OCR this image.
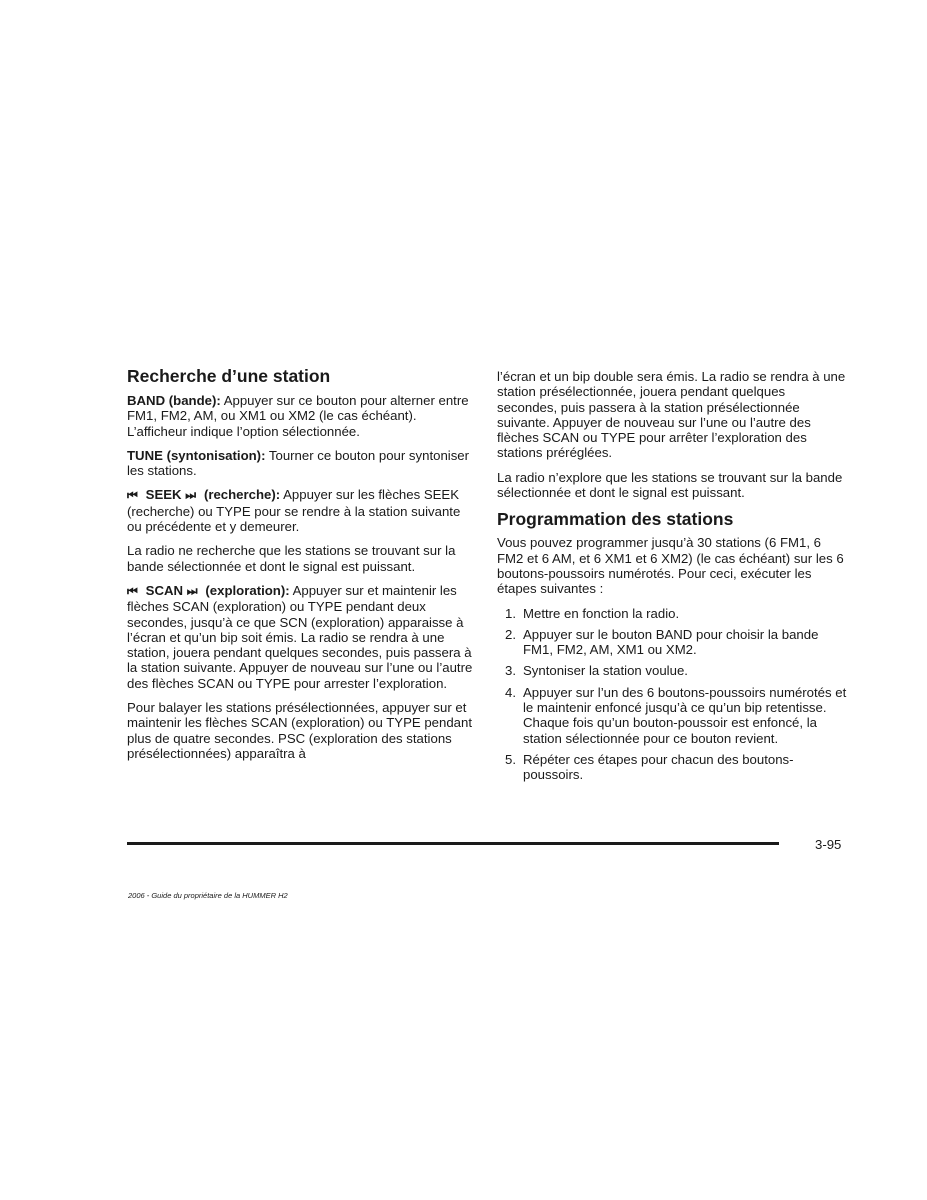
Recherche d’une station

BAND (bande): Appuyer sur ce bouton pour alterner entre FM1, FM2, AM, ou XM1 ou XM2 (le cas échéant). L’afficheur indique l’option sélectionnée.

TUNE (syntonisation): Tourner ce bouton pour syntoniser les stations.

⏮ SEEK ⏭ (recherche): Appuyer sur les flèches SEEK (recherche) ou TYPE pour se rendre à la station suivante ou précédente et y demeurer.

La radio ne recherche que les stations se trouvant sur la bande sélectionnée et dont le signal est puissant.

⏮ SCAN ⏭ (exploration): Appuyer sur et maintenir les flèches SCAN (exploration) ou TYPE pendant deux secondes, jusqu’à ce que SCN (exploration) apparaisse à l’écran et qu’un bip soit émis. La radio se rendra à une station, jouera pendant quelques secondes, puis passera à la station suivante. Appuyer de nouveau sur l’une ou l’autre des flèches SCAN ou TYPE pour arrester l’exploration.

Pour balayer les stations présélectionnées, appuyer sur et maintenir les flèches SCAN (exploration) ou TYPE pendant plus de quatre secondes. PSC (exploration des stations présélectionnées) apparaîtra à

l’écran et un bip double sera émis. La radio se rendra à une station présélectionnée, jouera pendant quelques secondes, puis passera à la station présélectionnée suivante. Appuyer de nouveau sur l’une ou l’autre des flèches SCAN ou TYPE pour arrêter l’exploration des stations préréglées.

La radio n’explore que les stations se trouvant sur la bande sélectionnée et dont le signal est puissant.

Programmation des stations

Vous pouvez programmer jusqu’à 30 stations (6 FM1, 6 FM2 et 6 AM, et 6 XM1 et 6 XM2) (le cas échéant) sur les 6 boutons-poussoirs numérotés. Pour ceci, exécuter les étapes suivantes :

1. Mettre en fonction la radio.
2. Appuyer sur le bouton BAND pour choisir la bande FM1, FM2, AM, XM1 ou XM2.
3. Syntoniser la station voulue.
4. Appuyer sur l’un des 6 boutons-poussoirs numérotés et le maintenir enfoncé jusqu’à ce qu’un bip retentisse. Chaque fois qu’un bouton-poussoir est enfoncé, la station sélectionnée pour ce bouton revient.
5. Répéter ces étapes pour chacun des boutons-poussoirs.
3-95
2006 - Guide du propriétaire de la HUMMER H2
